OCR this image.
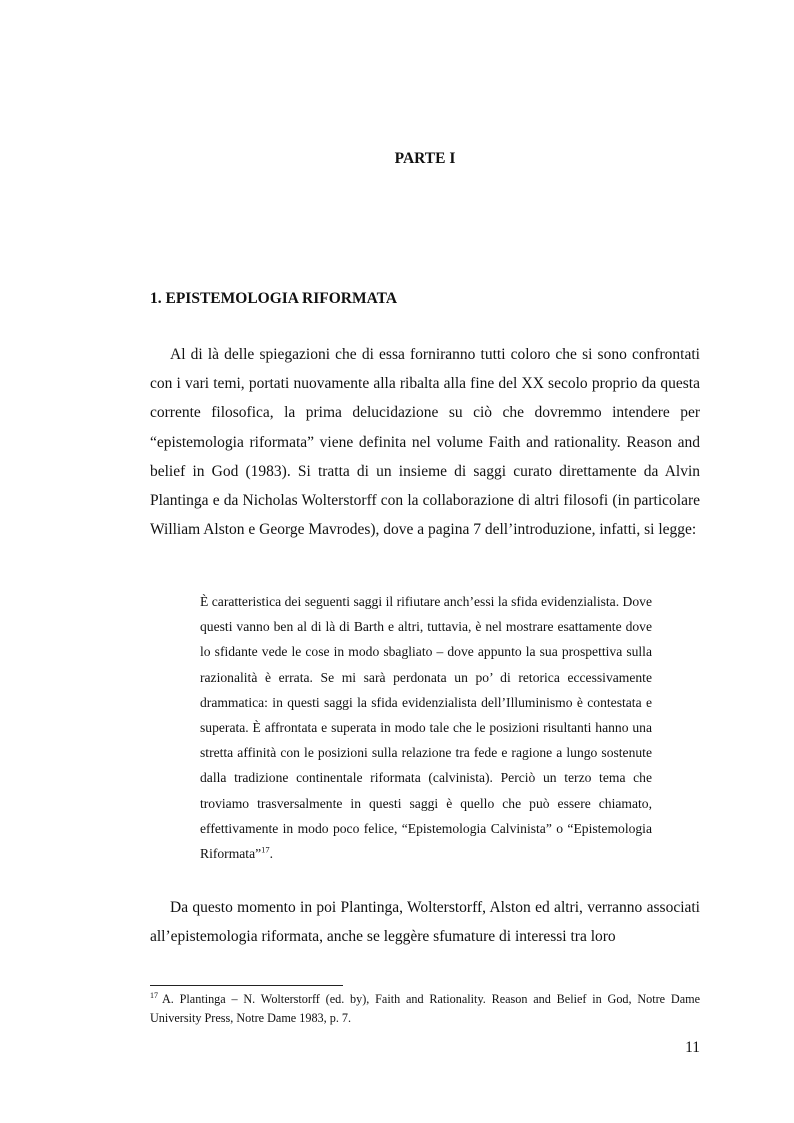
PARTE I
1. EPISTEMOLOGIA RIFORMATA

Al di là delle spiegazioni che di essa forniranno tutti coloro che si sono confrontati con i vari temi, portati nuovamente alla ribalta alla fine del XX secolo proprio da questa corrente filosofica, la prima delucidazione su ciò che dovremmo intendere per “epistemologia riformata” viene definita nel volume Faith and rationality. Reason and belief in God (1983). Si tratta di un insieme di saggi curato direttamente da Alvin Plantinga e da Nicholas Wolterstorff con la collaborazione di altri filosofi (in particolare William Alston e George Mavrodes), dove a pagina 7 dell’introduzione, infatti, si legge:

È caratteristica dei seguenti saggi il rifiutare anch’essi la sfida evidenzialista. Dove questi vanno ben al di là di Barth e altri, tuttavia, è nel mostrare esattamente dove lo sfidante vede le cose in modo sbagliato – dove appunto la sua prospettiva sulla razionalità è errata. Se mi sarà perdonata un po’ di retorica eccessivamente drammatica: in questi saggi la sfida evidenzialista dell’Illuminismo è contestata e superata. È affrontata e superata in modo tale che le posizioni risultanti hanno una stretta affinità con le posizioni sulla relazione tra fede e ragione a lungo sostenute dalla tradizione continentale riformata (calvinista). Perciò un terzo tema che troviamo trasversalmente in questi saggi è quello che può essere chiamato, effettivamente in modo poco felice, “Epistemologia Calvinista” o “Epistemologia Riformata”$^{17}$.

Da questo momento in poi Plantinga, Wolterstorff, Alston ed altri, verranno associati all’epistemologia riformata, anche se leggère sfumature di interessi tra loro

$^{17}$ A. Plantinga – N. Wolterstorff (ed. by), Faith and Rationality. Reason and Belief in God, Notre Dame University Press, Notre Dame 1983, p. 7.

11
